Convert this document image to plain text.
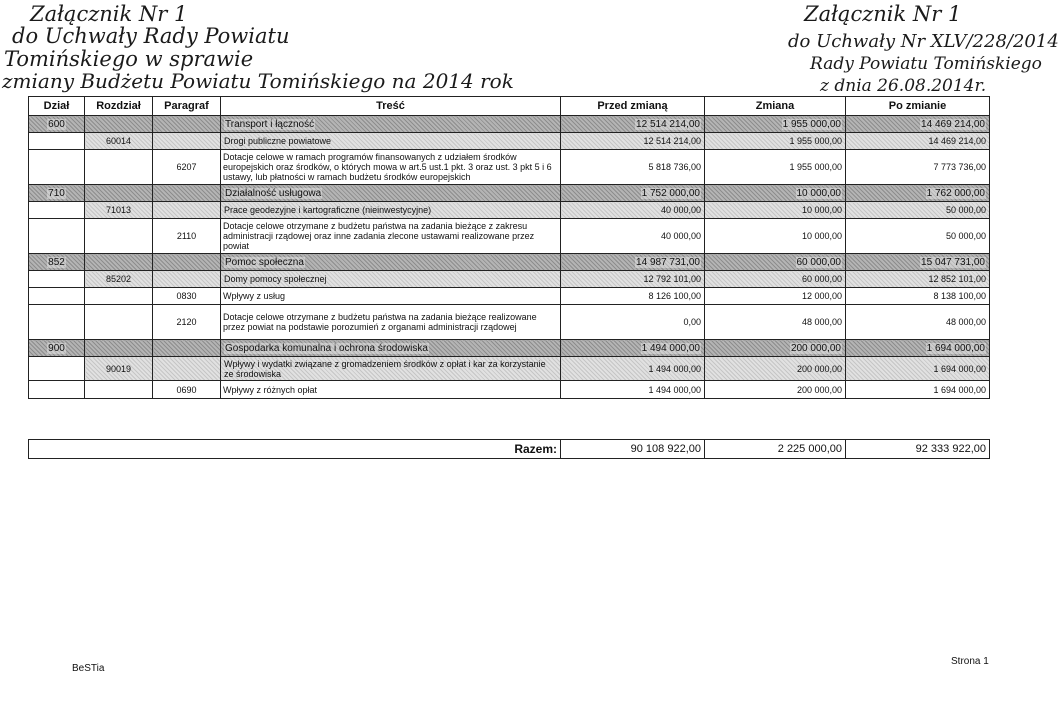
Załącznik Nr 1
do Uchwały Rady Powiatu
Tomińskiego w sprawie
zmiany Budżetu Powiatu Tomińskiego na 2014 rok
Załącznik Nr 1
do Uchwały Nr XLV/228/2014
Rady Powiatu Tomińskiego
z dnia 26.08.2014r.
Dział	Rozdział	Paragraf	Treść	Przed zmianą	Zmiana	Po zmianie
600			Transport i łączność	12 514 214,00	1 955 000,00	14 469 214,00
	60014		Drogi publiczne powiatowe	12 514 214,00	1 955 000,00	14 469 214,00
		6207	Dotacje celowe w ramach programów finansowanych z udziałem środków europejskich oraz środków, o których mowa w art.5 ust.1 pkt. 3 oraz ust. 3 pkt 5 i 6 ustawy, lub płatności w ramach budżetu środków europejskich	5 818 736,00	1 955 000,00	7 773 736,00
710			Działalność usługowa	1 752 000,00	10 000,00	1 762 000,00
	71013		Prace geodezyjne i kartograficzne (nieinwestycyjne)	40 000,00	10 000,00	50 000,00
		2110	Dotacje celowe otrzymane z budżetu państwa na zadania bieżące z zakresu administracji rządowej oraz inne zadania zlecone ustawami realizowane przez powiat	40 000,00	10 000,00	50 000,00
852			Pomoc społeczna	14 987 731,00	60 000,00	15 047 731,00
	85202		Domy pomocy społecznej	12 792 101,00	60 000,00	12 852 101,00
		0830	Wpływy z usług	8 126 100,00	12 000,00	8 138 100,00
		2120	Dotacje celowe otrzymane z budżetu państwa na zadania bieżące realizowane przez powiat na podstawie porozumień z organami administracji rządowej	0,00	48 000,00	48 000,00
900			Gospodarka komunalna i ochrona środowiska	1 494 000,00	200 000,00	1 694 000,00
	90019		Wpływy i wydatki związane z gromadzeniem środków z opłat i kar za korzystanie ze środowiska	1 494 000,00	200 000,00	1 694 000,00
		0690	Wpływy z różnych opłat	1 494 000,00	200 000,00	1 694 000,00
Razem:	90 108 922,00	2 225 000,00	92 333 922,00
BeSTia
Strona 1
